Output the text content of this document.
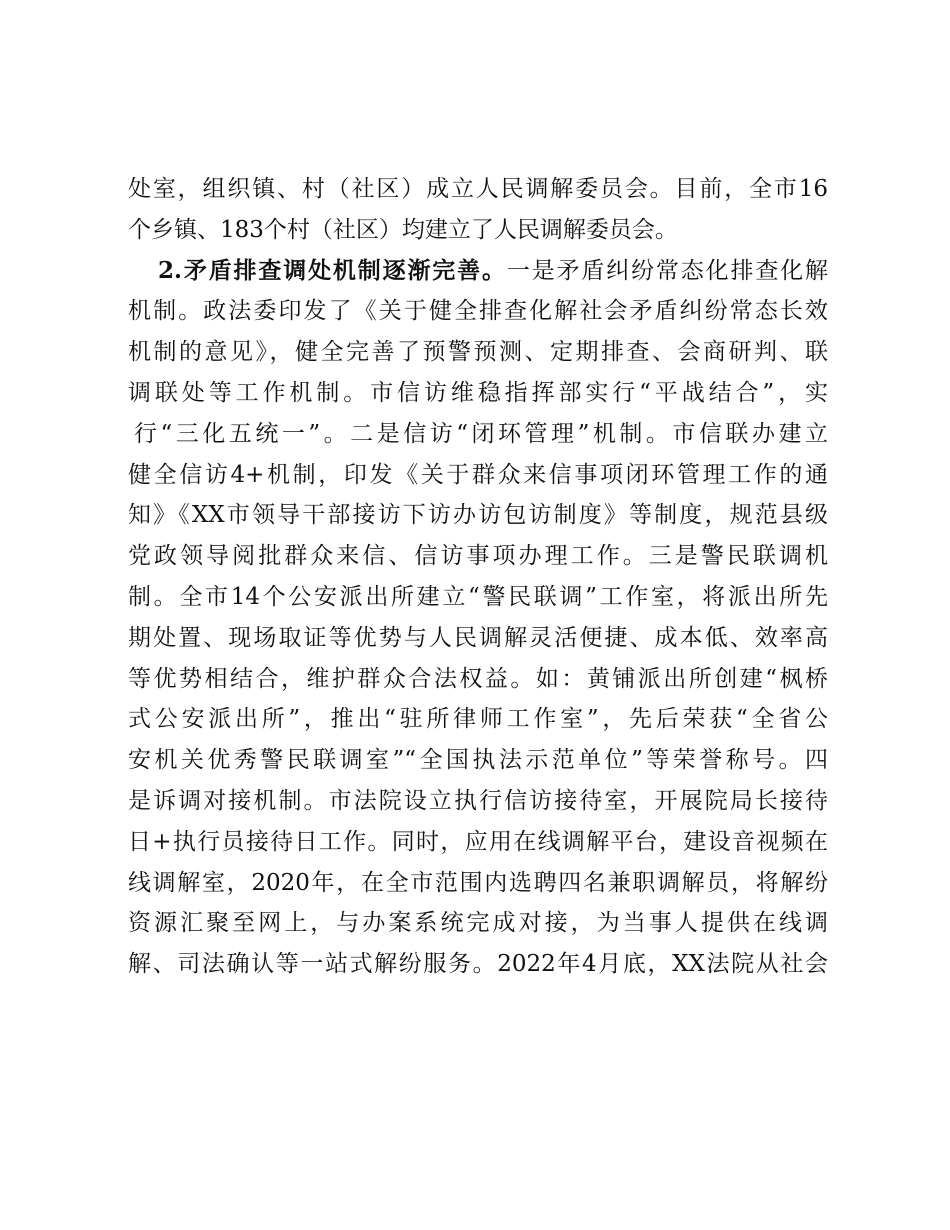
处室，组织镇、村（社区）成立人民调解委员会。目前，全市16
个乡镇、183个村（社区）均建立了人民调解委员会。
2.矛盾排查调处机制逐渐完善。一是矛盾纠纷常态化排查化解
机制。政法委印发了《关于健全排查化解社会矛盾纠纷常态长效
机制的意见》，健全完善了预警预测、定期排查、会商研判、联
调联处等工作机制。市信访维稳指挥部实行“平战结合”，实
行“三化五统一”。二是信访“闭环管理”机制。市信联办建立
健全信访4+机制，印发《关于群众来信事项闭环管理工作的通
知》《XX市领导干部接访下访办访包访制度》等制度，规范县级
党政领导阅批群众来信、信访事项办理工作。三是警民联调机
制。全市14个公安派出所建立“警民联调”工作室，将派出所先
期处置、现场取证等优势与人民调解灵活便捷、成本低、效率高
等优势相结合，维护群众合法权益。如：黄铺派出所创建“枫桥
式公安派出所”，推出“驻所律师工作室”，先后荣获“全省公
安机关优秀警民联调室”“全国执法示范单位”等荣誉称号。四
是诉调对接机制。市法院设立执行信访接待室，开展院局长接待
日+执行员接待日工作。同时，应用在线调解平台，建设音视频在
线调解室，2020年，在全市范围内选聘四名兼职调解员，将解纷
资源汇聚至网上，与办案系统完成对接，为当事人提供在线调
解、司法确认等一站式解纷服务。2022年4月底，XX法院从社会
